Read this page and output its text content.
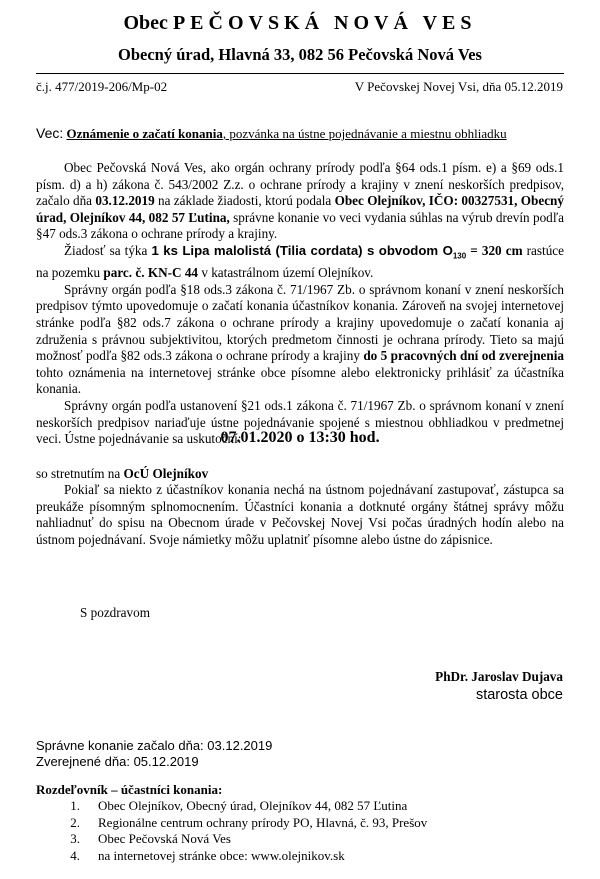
Obec PEČOVSKÁ NOVÁ VES
Obecný úrad, Hlavná 33, 082 56 Pečovská Nová Ves
č.j. 477/2019-206/Mp-02	V Pečovskej Novej Vsi, dňa 05.12.2019
Vec: Oznámenie o začatí konania, pozvánka na ústne pojednávanie a miestnu obhliadku

Obec Pečovská Nová Ves, ako orgán ochrany prírody podľa §64 ods.1 písm. e) a §69 ods.1 písm. d) a h) zákona č. 543/2002 Z.z. o ochrane prírody a krajiny v znení neskorších predpisov, začalo dňa 03.12.2019 na základe žiadosti, ktorú podala Obec Olejníkov, IČO: 00327531, Obecný úrad, Olejníkov 44, 082 57 Ľutina, správne konanie vo veci vydania súhlas na výrub drevín podľa §47 ods.3 zákona o ochrane prírody a krajiny.

Žiadosť sa týka 1 ks Lipa malolistá (Tilia cordata) s obvodom $O_{130} = 320$ cm rastúce na pozemku parc. č. KN-C 44 v katastrálnom území Olejníkov.

Správny orgán podľa §18 ods.3 zákona č. 71/1967 Zb. o správnom konaní v znení neskorších predpisov týmto upovedomuje o začatí konania účastníkov konania. Zároveň na svojej internetovej stránke podľa §82 ods.7 zákona o ochrane prírody a krajiny upovedomuje o začatí konania aj združenia s právnou subjektivitou, ktorých predmetom činnosti je ochrana prírody. Tieto sa majú možnosť podľa §82 ods.3 zákona o ochrane prírody a krajiny do 5 pracovných dní od zverejnenia tohto oznámenia na internetovej stránke obce písomne alebo elektronicky prihlásiť za účastníka konania.

Správny orgán podľa ustanovení §21 ods.1 zákona č. 71/1967 Zb. o správnom konaní v znení neskorších predpisov nariaďuje ústne pojednávanie spojené s miestnou obhliadkou v predmetnej veci. Ústne pojednávanie sa uskutoční:

07.01.2020 o 13:30 hod.
so stretnutím na OcÚ Olejníkov

Pokiaľ sa niekto z účastníkov konania nechá na ústnom pojednávaní zastupovať, zástupca sa preukáže písomným splnomocnením. Účastníci konania a dotknuté orgány štátnej správy môžu nahliadnuť do spisu na Obecnom úrade v Pečovskej Novej Vsi počas úradných hodín alebo na ústnom pojednávaní. Svoje námietky môžu uplatniť písomne alebo ústne do zápisnice.

S pozdravom
PhDr. Jaroslav Dujava
starosta obce
Správne konanie začalo dňa: 03.12.2019
Zverejnené dňa: 05.12.2019
Rozdeľovník – účastníci konania:
1.	Obec Olejníkov, Obecný úrad, Olejníkov 44, 082 57 Ľutina
2.	Regionálne centrum ochrany prírody PO, Hlavná, č. 93, Prešov
3.	Obec Pečovská Nová Ves
4.	na internetovej stránke obce: www.olejnikov.sk
